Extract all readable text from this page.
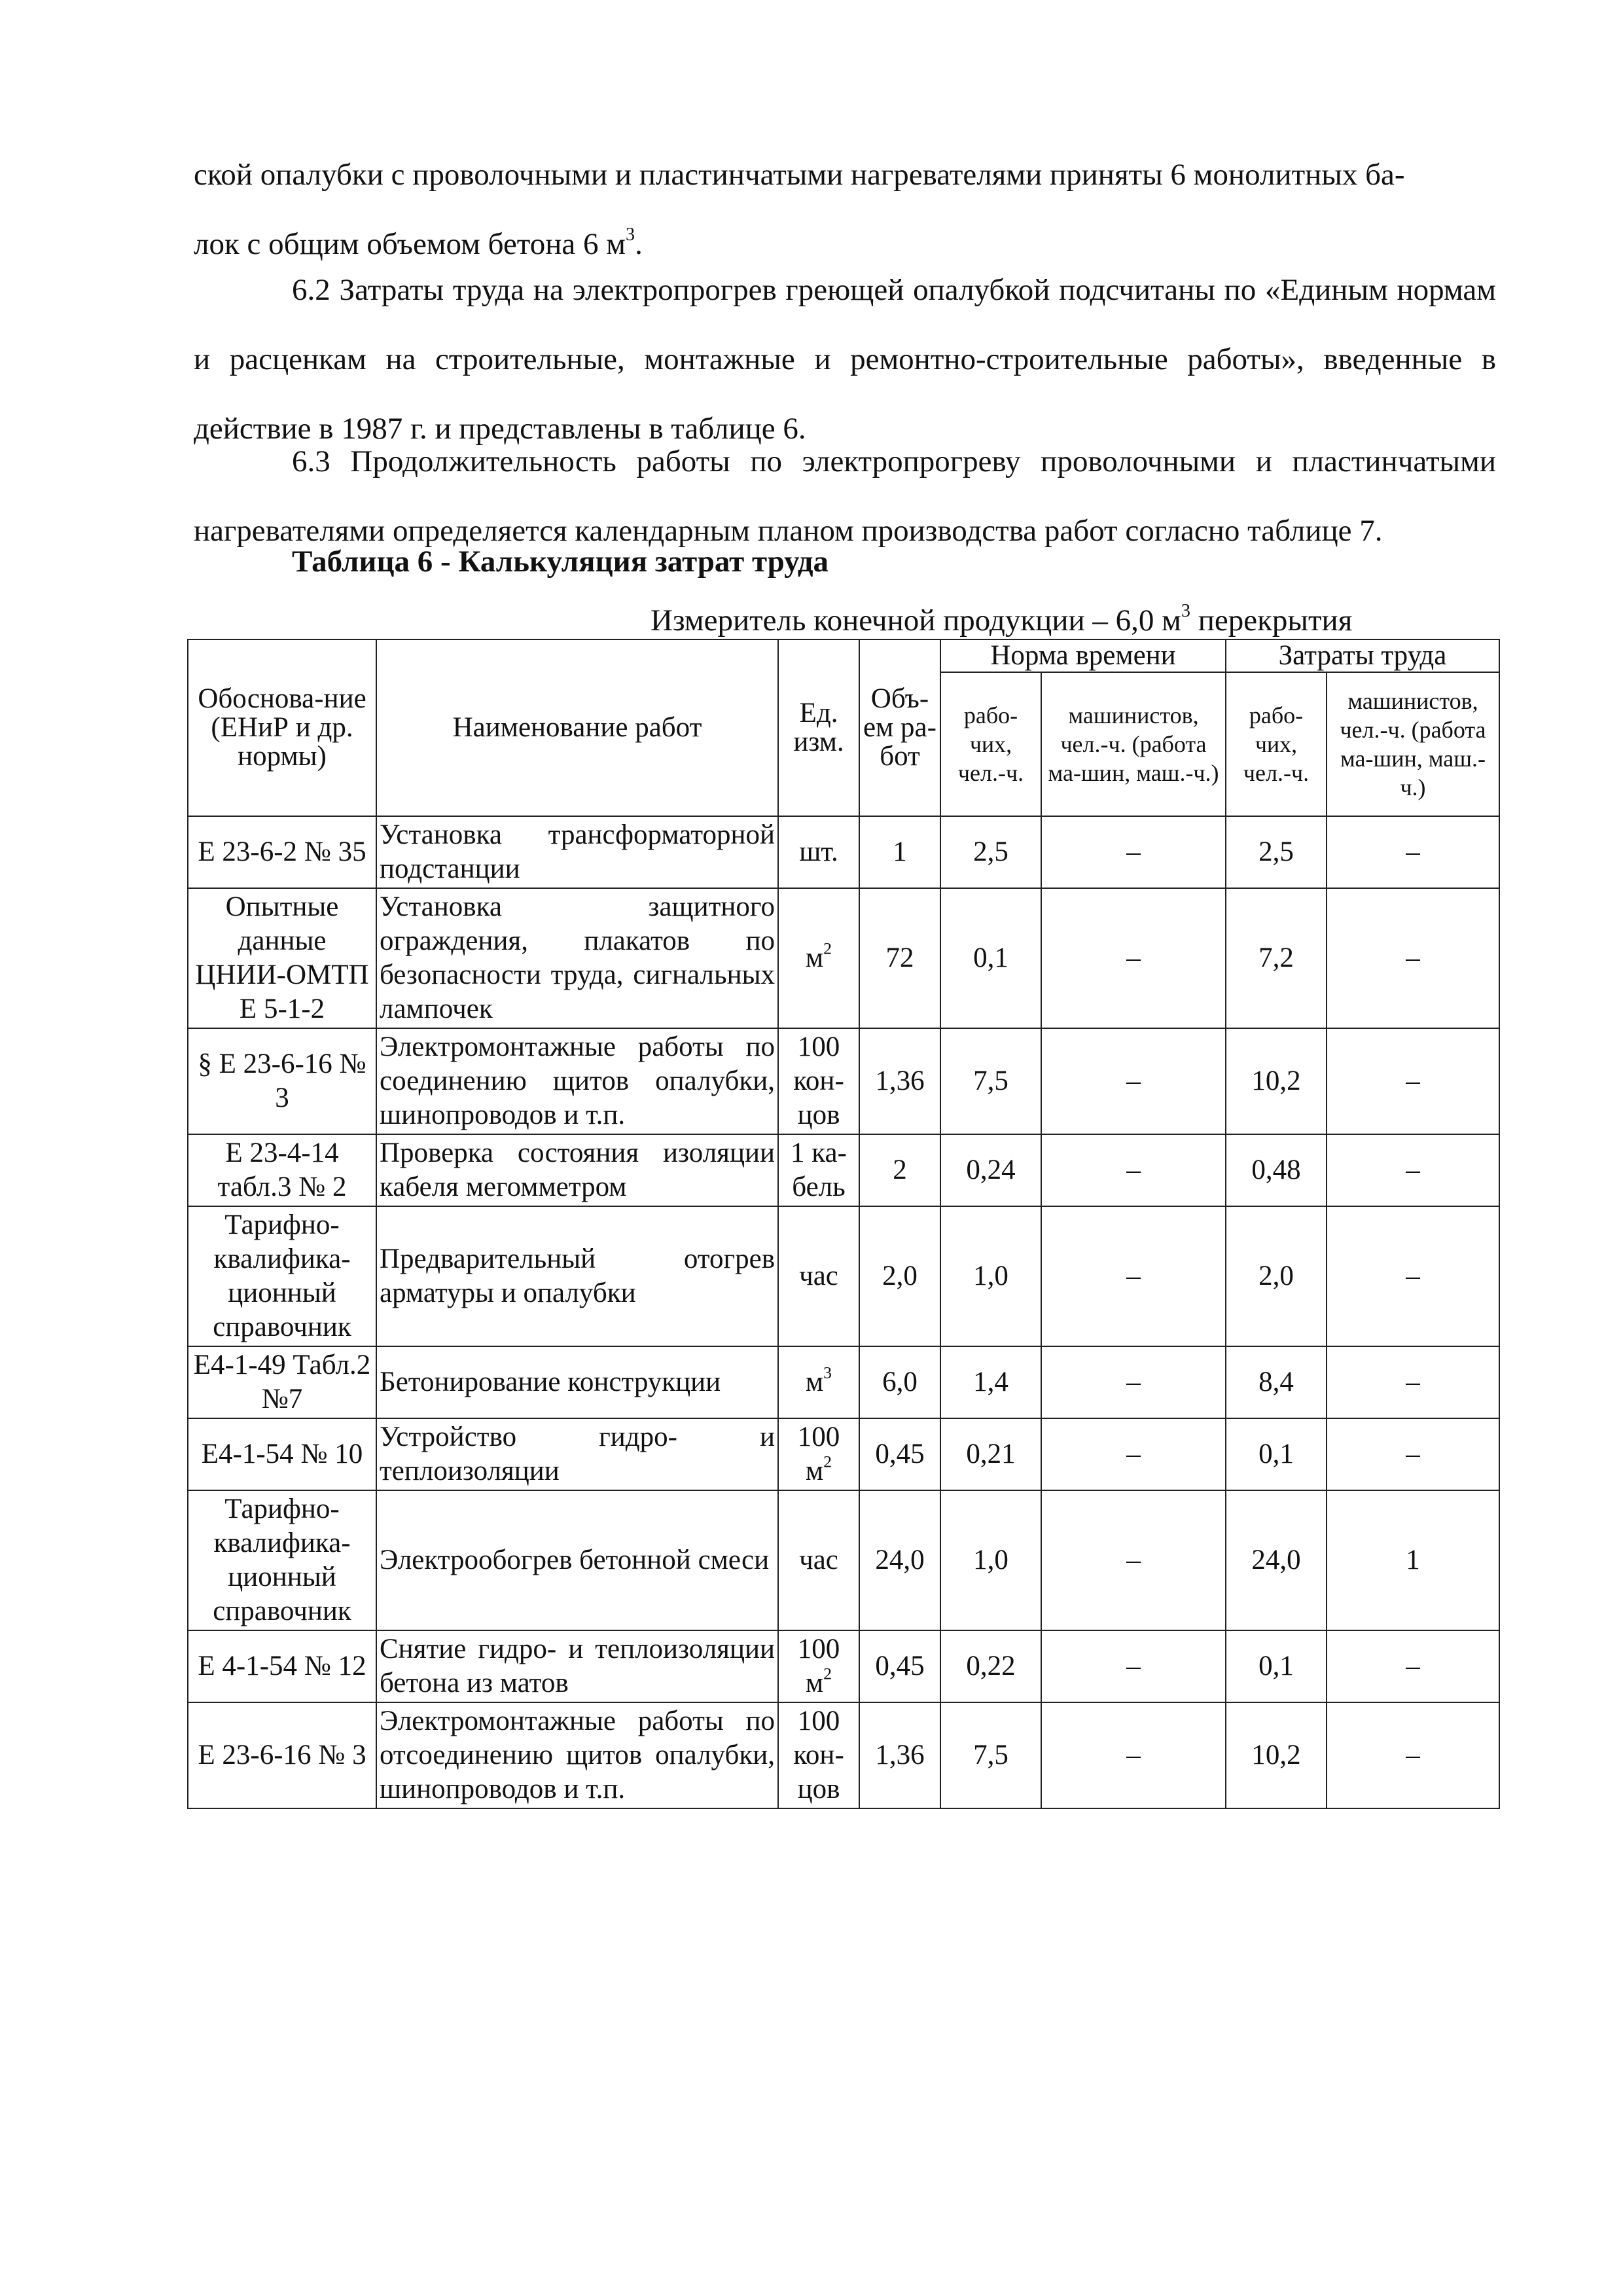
ской опалубки с проволочными и пластинчатыми нагревателями приняты 6 монолитных ба-
лок с общим объемом бетона 6 $м^3$.

6.2 Затраты труда на электропрогрев греющей опалубкой подсчитаны по «Единым нормам и расценкам на строительные, монтажные и ремонтно-строительные работы», введенные в действие в 1987 г. и представлены в таблице 6.

6.3 Продолжительность работы по электропрогреву проволочными и пластинчатыми нагревателями определяется календарным планом производства работ согласно таблице 7.

Таблица 6 - Калькуляция затрат труда

Измеритель конечной продукции – 6,0 $м^3$ перекрытия

Обоснова-ние (ЕНиР и др. нормы)	Наименование работ	Ед. изм.	Объ-ем ра-бот	Норма времени		Затраты труда	
				рабо-чих, чел.-ч.	машинистов, чел.-ч. (работа ма-шин, маш.-ч.)	рабо-чих, чел.-ч.	машинистов, чел.-ч. (работа ма-шин, маш.-ч.)
Е 23-6-2 № 35	Установка трансформаторной подстанции	шт.	1	2,5	–	2,5	–
Опытные данные ЦНИИ-ОМТП Е 5-1-2	Установка защитного ограждения, плакатов по безопасности труда, сигнальных лампочек	$м^2$	72	0,1	–	7,2	–
§ Е 23-6-16 № 3	Электромонтажные работы по соединению щитов опалубки, шинопроводов и т.п.	100 кон-цов	1,36	7,5	–	10,2	–
Е 23-4-14 табл.3 № 2	Проверка состояния изоляции кабеля мегомметром	1 ка-бель	2	0,24	–	0,48	–
Тарифно-квалифика-ционный справочник	Предварительный отогрев арматуры и опалубки	час	2,0	1,0	–	2,0	–
Е4-1-49 Табл.2 №7	Бетонирование конструкции	$м^3$	6,0	1,4	–	8,4	–
Е4-1-54 № 10	Устройство гидро- и теплоизоляции	100 $м^2$	0,45	0,21	–	0,1	–
Тарифно-квалифика-ционный справочник	Электрообогрев бетонной смеси	час	24,0	1,0	–	24,0	1
Е 4-1-54 № 12	Снятие гидро- и теплоизоляции бетона из матов	100 $м^2$	0,45	0,22	–	0,1	–
Е 23-6-16 № 3	Электромонтажные работы по отсоединению щитов опалубки, шинопроводов и т.п.	100 кон-цов	1,36	7,5	–	10,2	–
